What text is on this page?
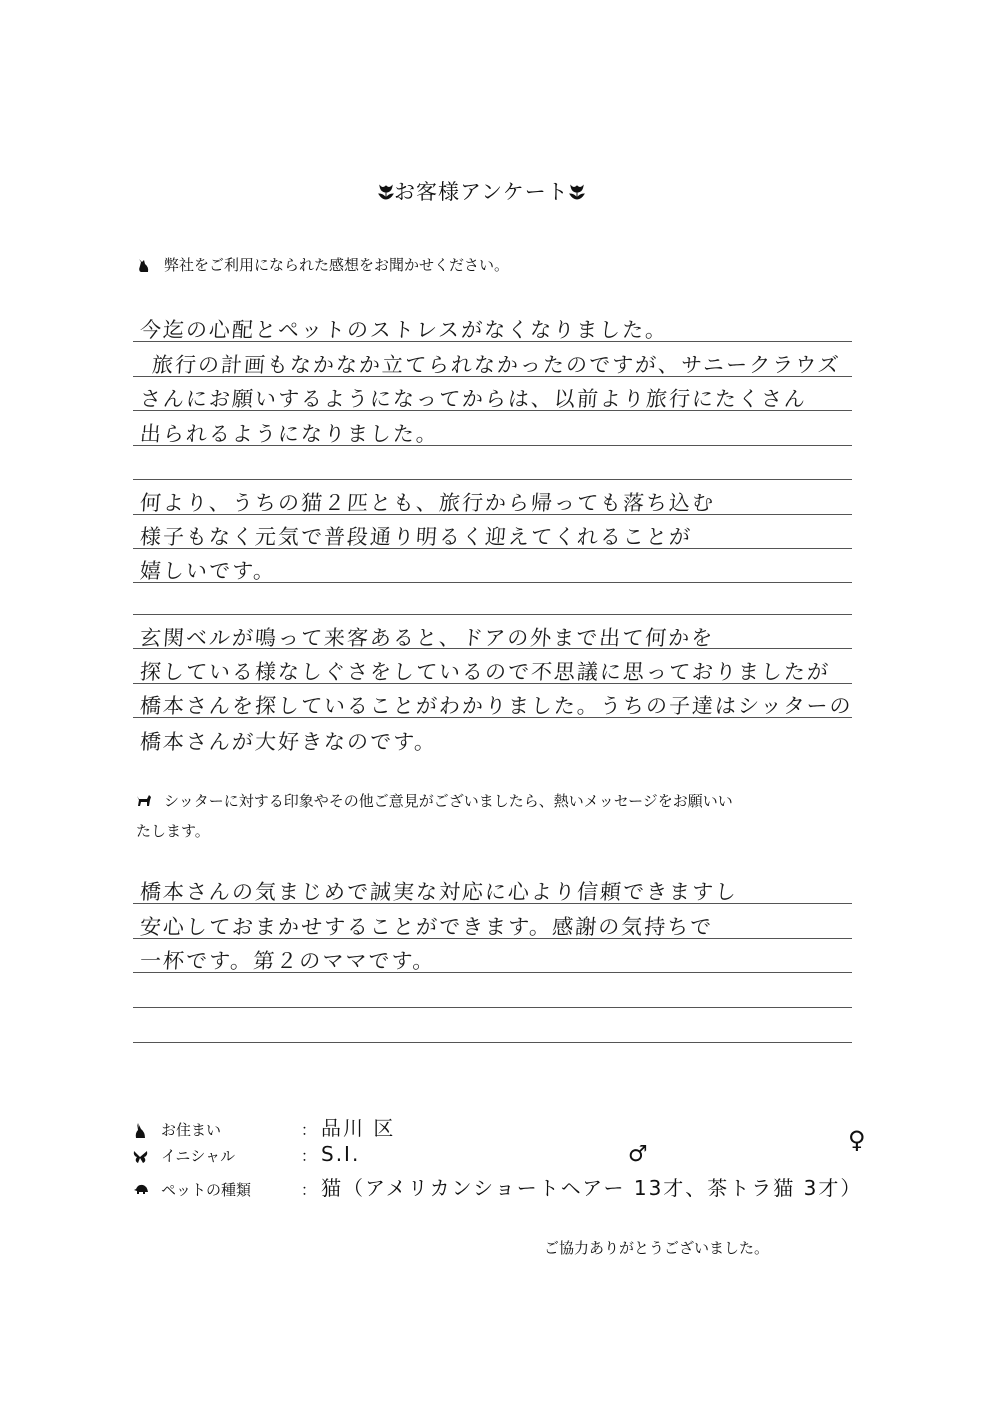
お客様アンケート
弊社をご利用になられた感想をお聞かせください。
今迄の心配とペットのストレスがなくなりました。
旅行の計画もなかなか立てられなかったのですが、サニークラウズ
さんにお願いするようになってからは、以前より旅行にたくさん
出られるようになりました。
何より、うちの猫２匹とも、旅行から帰っても落ち込む
様子もなく元気で普段通り明るく迎えてくれることが
嬉しいです。
玄関ベルが鳴って来客あると、ドアの外まで出て何かを
探している様なしぐさをしているので不思議に思っておりましたが
橋本さんを探していることがわかりました。うちの子達はシッターの
橋本さんが大好きなのです。
シッターに対する印象やその他ご意見がございましたら、熱いメッセージをお願いい
たします。
橋本さんの気まじめで誠実な対応に心より信頼できますし
安心しておまかせすることができます。感謝の気持ちで
一杯です。第２のママです。
お住まい	： 品川 区
イニシャル	： S.I.
ペットの種類	： 猫（アメリカンショートヘアー 13才、茶トラ猫 3才）
♂
♀
ご協力ありがとうございました。
